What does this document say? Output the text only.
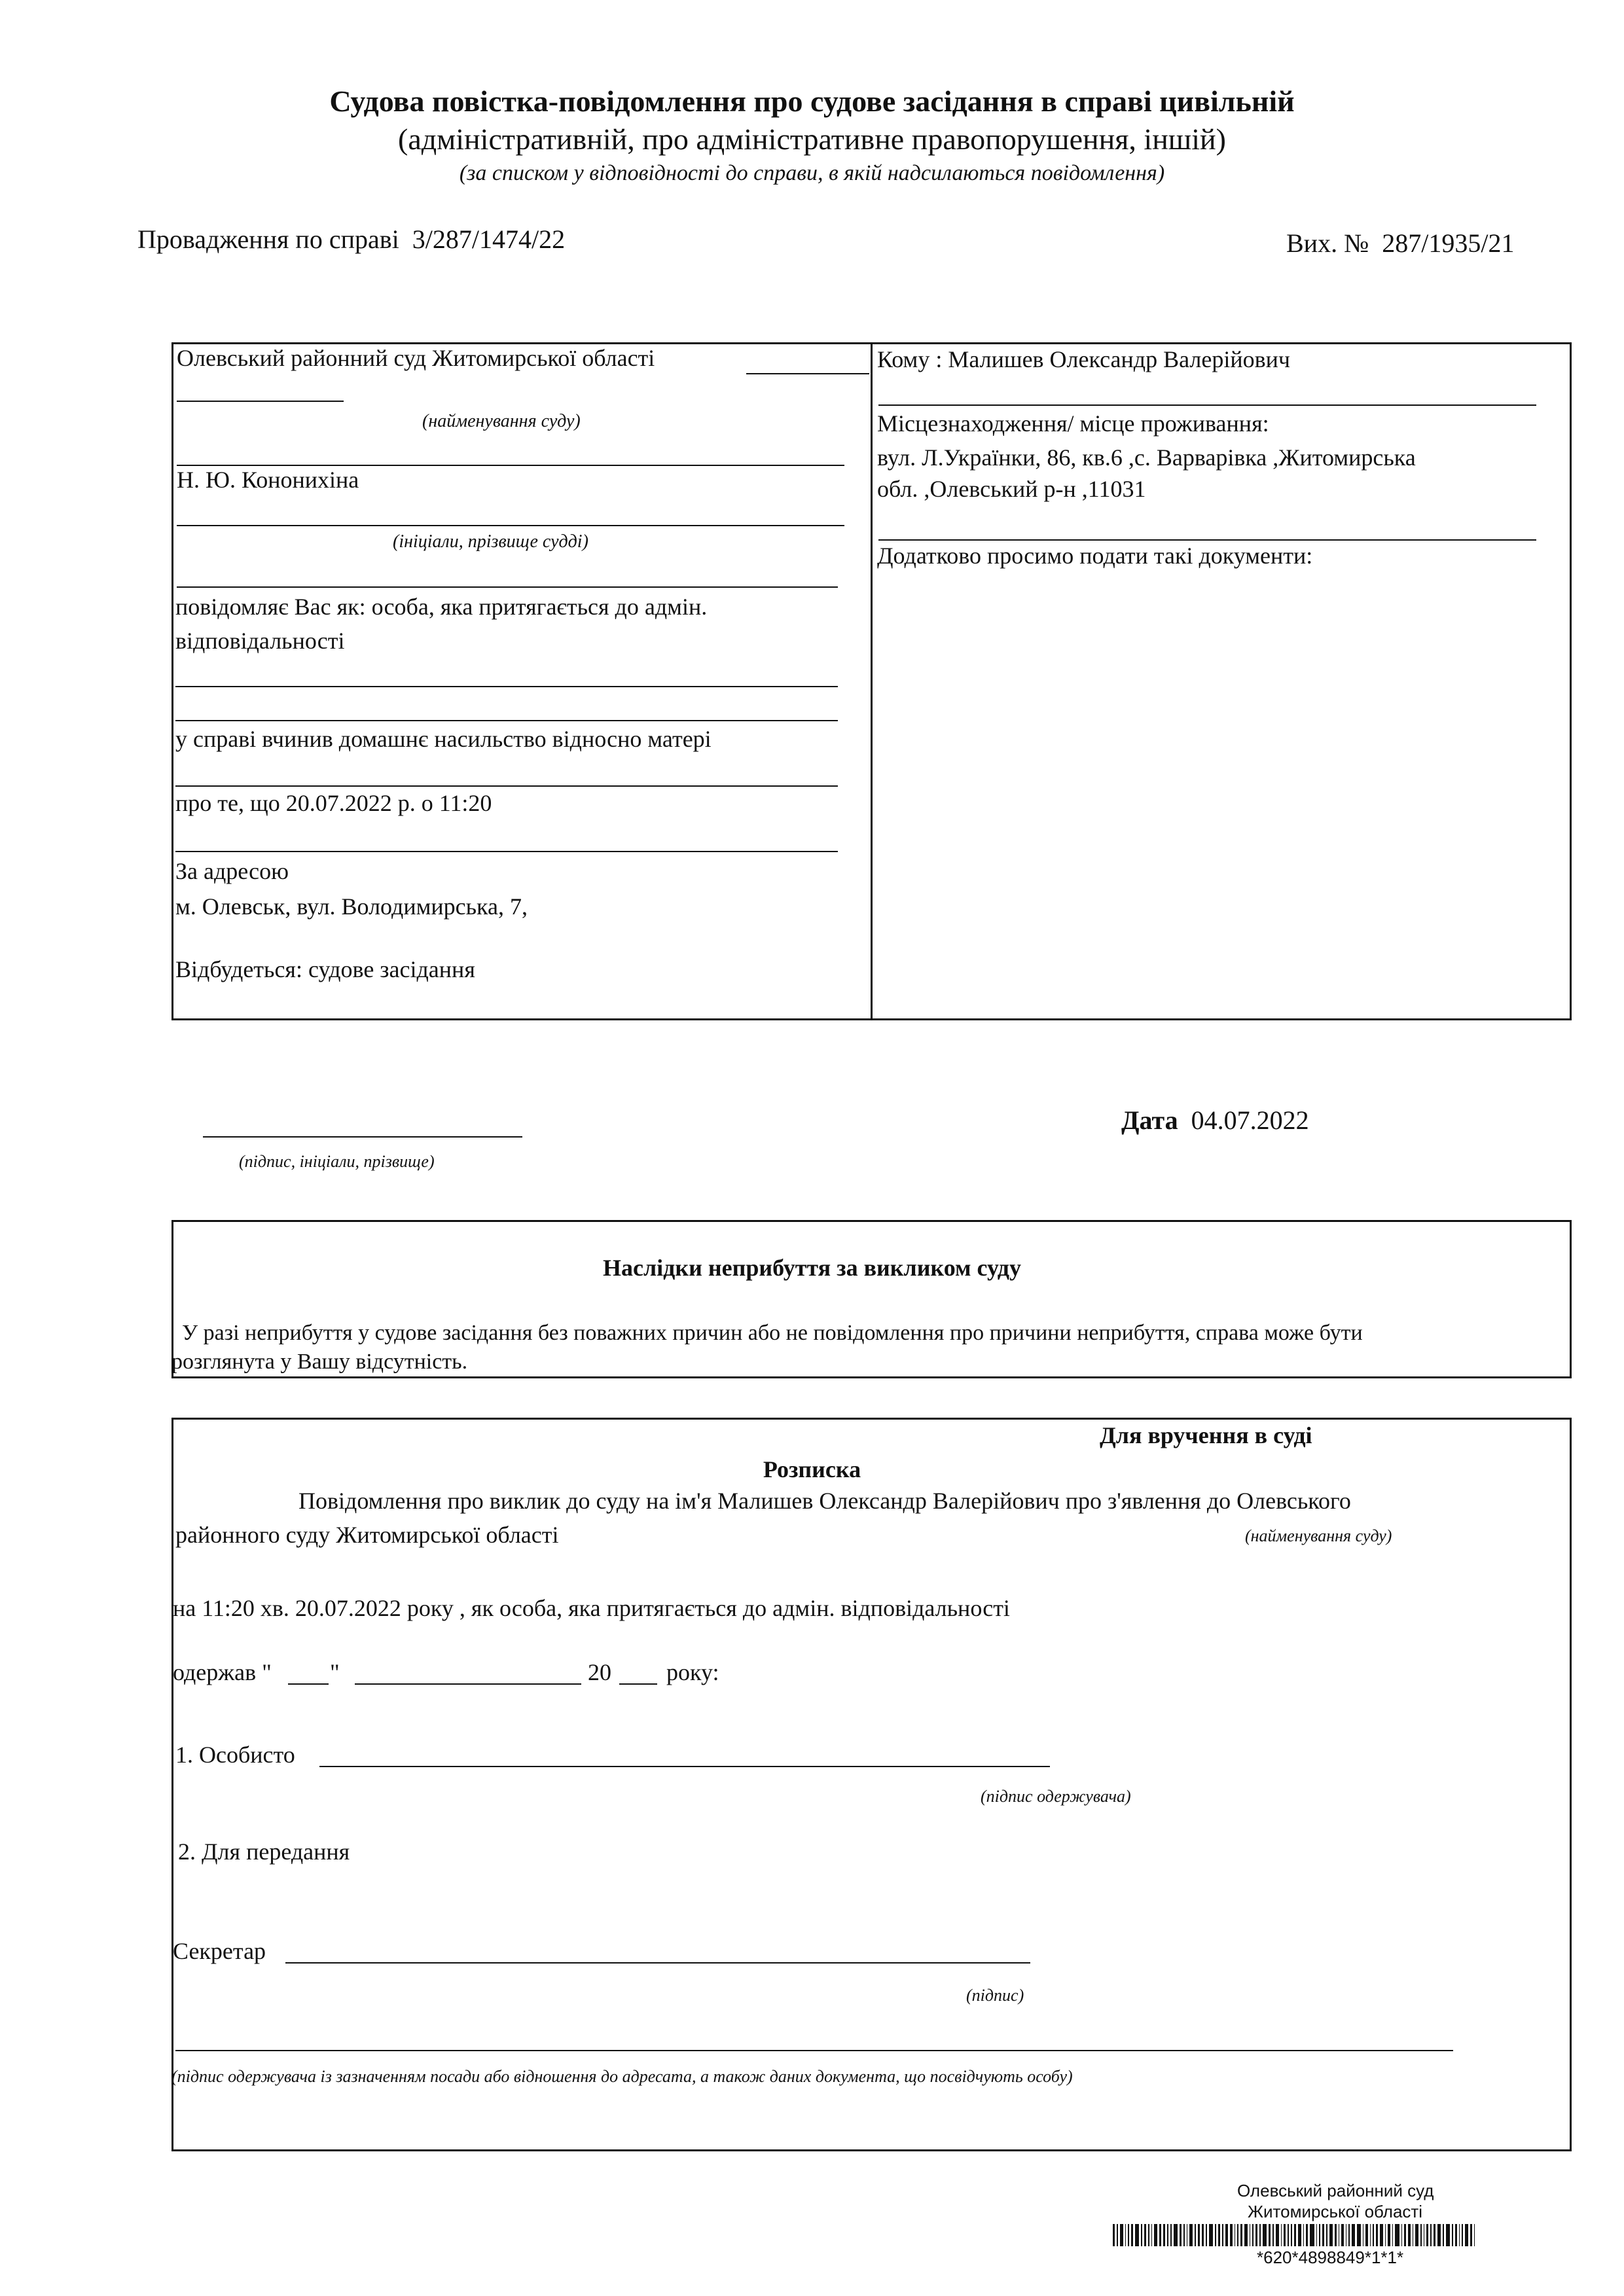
Судова повістка-повідомлення про судове засідання в справі цивільній
(адміністративній, про адміністративне правопорушення, іншій)
(за списком у відповідності до справи, в якій надсилаються повідомлення)
Провадження по справі 3/287/1474/22	Вих. № 287/1935/21
Олевський районний суд Житомирської області
(найменування суду)
Н. Ю. Кононихіна
(ініціали, прізвище судді)
повідомляє Вас як: особа, яка притягається до адмін.
відповідальності
у справі вчинив домашнє насильство відносно матері
про те, що 20.07.2022 р. о 11:20
За адресою
м. Олевськ, вул. Володимирська, 7,
Відбудеться: судове засідання
Кому : Малишев Олександр Валерійович
Місцезнаходження/ місце проживання:
вул. Л.Українки, 86, кв.6 ,с. Варварівка ,Житомирська
обл. ,Олевський р-н ,11031
Додатково просимо подати такі документи:
(підпис, ініціали, прізвище)
Дата 04.07.2022
Наслідки неприбуття за викликом суду
У разі неприбуття у судове засідання без поважних причин або не повідомлення про причини неприбуття, справа може бути
розглянута у Вашу відсутність.
Для вручення в суді
Розписка
Повідомлення про виклик до суду на ім'я Малишев Олександр Валерійович про з'явлення до Олевського
районного суду Житомирської області	(найменування суду)
на 11:20 хв. 20.07.2022 року , як особа, яка притягається до адмін. відповідальності
одержав " "	20 року:
1. Особисто
(підпис одержувача)
2. Для передання
Секретар
(підпис)
(підпис одержувача із зазначенням посади або відношення до адресата, а також даних документа, що посвідчують особу)
Олевський районний суд
Житомирської області
*620*4898849*1*1*
